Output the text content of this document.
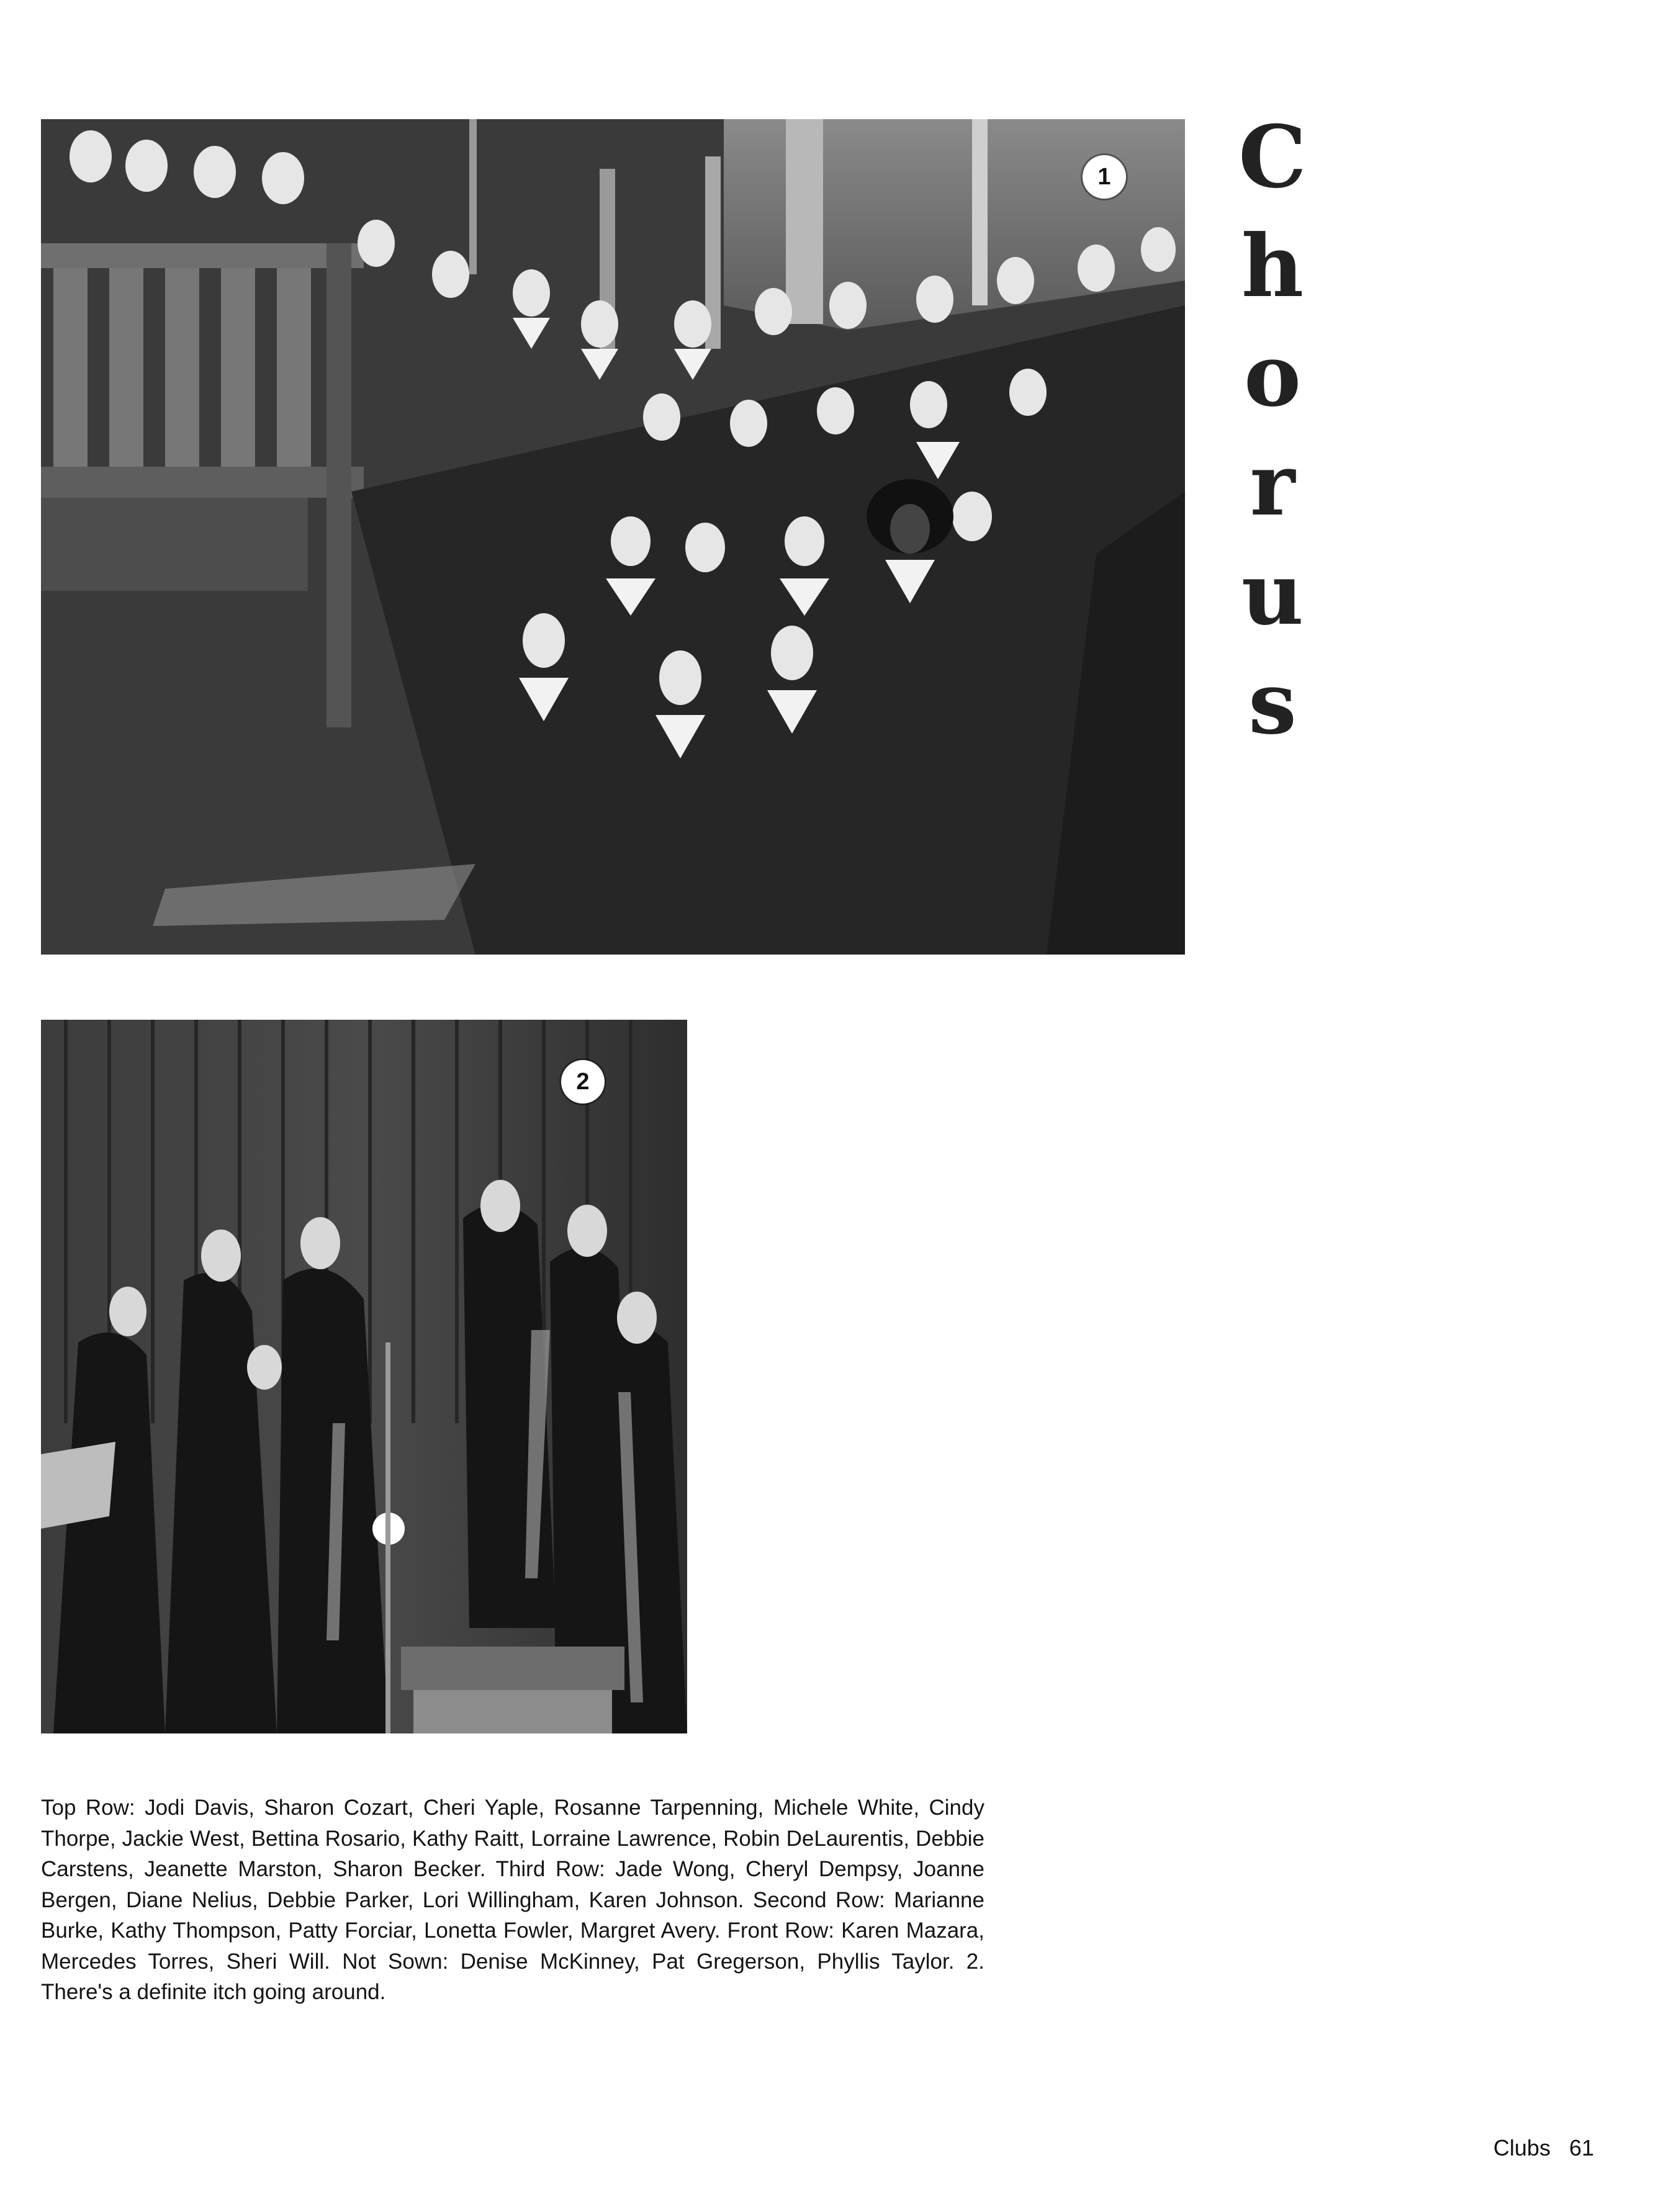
1
2
C
h
o
r
u
s

Top Row: Jodi Davis, Sharon Cozart, Cheri Yaple, Rosanne Tarpenning, Michele White, Cindy Thorpe, Jackie West, Bettina Rosario, Kathy Raitt, Lorraine Lawrence, Robin DeLaurentis, Debbie Carstens, Jeanette Marston, Sharon Becker. Third Row: Jade Wong, Cheryl Dempsy, Joanne Bergen, Diane Nelius, Debbie Parker, Lori Willingham, Karen Johnson. Second Row: Marianne Burke, Kathy Thompson, Patty Forciar, Lonetta Fowler, Margret Avery. Front Row: Karen Mazara, Mercedes Torres, Sheri Will. Not Sown: Denise McKinney, Pat Gregerson, Phyllis Taylor. 2. There's a definite itch going around.

Clubs 61
